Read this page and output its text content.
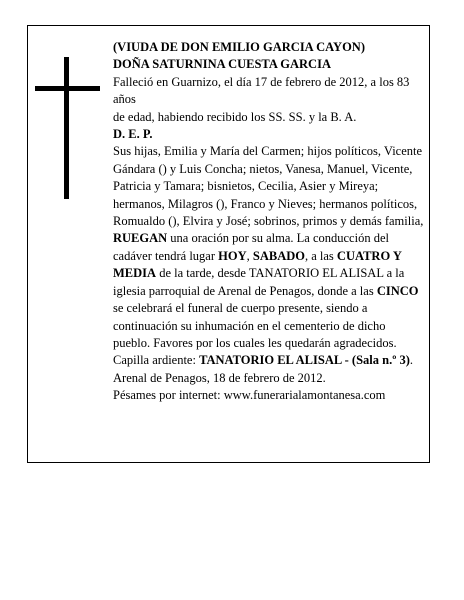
(VIUDA DE DON EMILIO GARCIA CAYON)

DOÑA SATURNINA CUESTA GARCIA

Falleció en Guarnizo, el día 17 de febrero de 2012, a los 83 años

de edad, habiendo recibido los SS. SS. y la B. A.

D. E. P.

Sus hijas, Emilia y María del Carmen; hijos políticos, Vicente Gándara () y Luis Concha; nietos, Vanesa, Manuel, Vicente, Patricia y Tamara; bisnietos, Cecilia, Asier y Mireya; hermanos, Milagros (), Franco y Nieves; hermanos políticos, Romualdo (), Elvira y José; sobrinos, primos y demás familia,

RUEGAN una oración por su alma. La conducción del cadáver tendrá lugar HOY, SABADO, a las CUATRO Y MEDIA de la tarde, desde TANATORIO EL ALISAL a la iglesia parroquial de Arenal de Penagos, donde a las CINCO se celebrará el funeral de cuerpo presente, siendo a continuación su inhumación en el cementerio de dicho pueblo. Favores por los cuales les quedarán agradecidos.

Capilla ardiente: TANATORIO EL ALISAL - (Sala n.º 3).

Arenal de Penagos, 18 de febrero de 2012.

Pésames por internet: www.funerarialamontanesa.com
